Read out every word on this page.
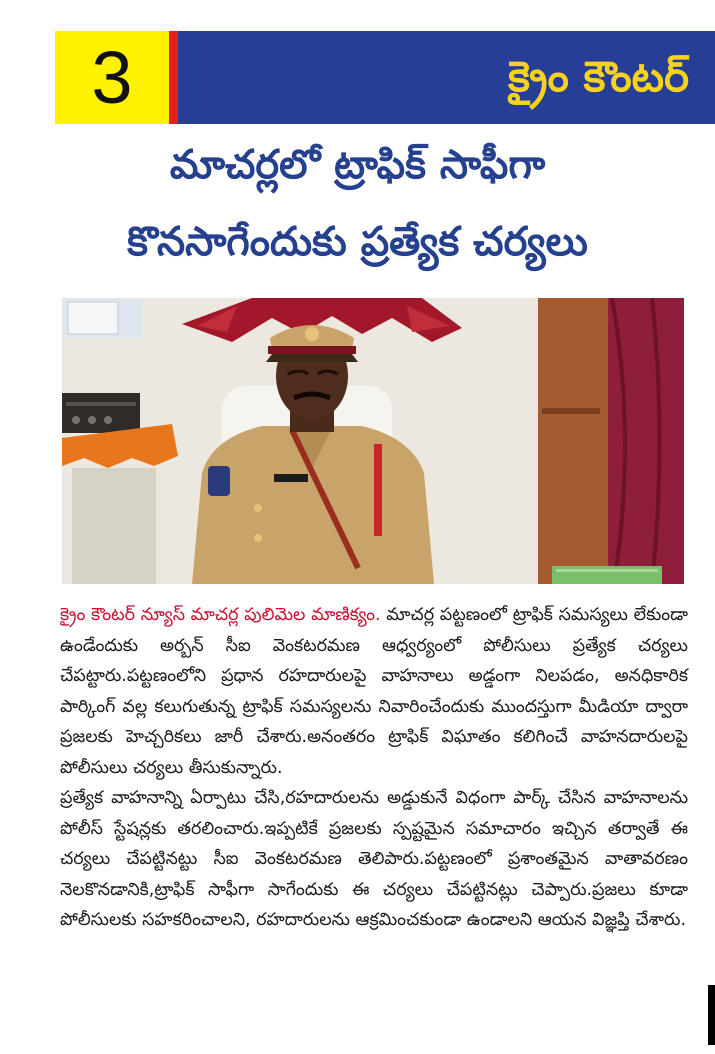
3	క్రైం కౌంటర్
మాచర్లలో ట్రాఫిక్ సాఫీగా
కొనసాగేందుకు ప్రత్యేక చర్యలు

క్రైం కౌంటర్ న్యూస్ మాచర్ల పులిమెల మాణిక్యం. మాచర్ల పట్టణంలో ట్రాఫిక్ సమస్యలు లేకుండా ఉండేందుకు అర్బన్ సీఐ వెంకటరమణ ఆధ్వర్యంలో పోలీసులు ప్రత్యేక చర్యలు చేపట్టారు.పట్టణంలోని ప్రధాన రహదారులపై వాహనాలు అడ్డంగా నిలపడం, అనధికారిక పార్కింగ్ వల్ల కలుగుతున్న ట్రాఫిక్ సమస్యలను నివారించేందుకు ముందస్తుగా మీడియా ద్వారా ప్రజలకు హెచ్చరికలు జారీ చేశారు.అనంతరం ట్రాఫిక్ విఘాతం కలిగించే వాహనదారులపై పోలీసులు చర్యలు తీసుకున్నారు.

ప్రత్యేక వాహనాన్ని ఏర్పాటు చేసి,రహదారులను అడ్డుకునే విధంగా పార్క్ చేసిన వాహనాలను పోలీస్ స్టేషన్లకు తరలించారు.ఇప్పటికే ప్రజలకు స్పష్టమైన సమాచారం ఇచ్చిన తర్వాతే ఈ చర్యలు చేపట్టినట్టు సీఐ వెంకటరమణ తెలిపారు.పట్టణంలో ప్రశాంతమైన వాతావరణం నెలకొనడానికి,ట్రాఫిక్ సాఫీగా సాగేందుకు ఈ చర్యలు చేపట్టినట్లు చెప్పారు.ప్రజలు కూడా పోలీసులకు సహకరించాలని, రహదారులను ఆక్రమించకుండా ఉండాలని ఆయన విజ్ఞప్తి చేశారు.
